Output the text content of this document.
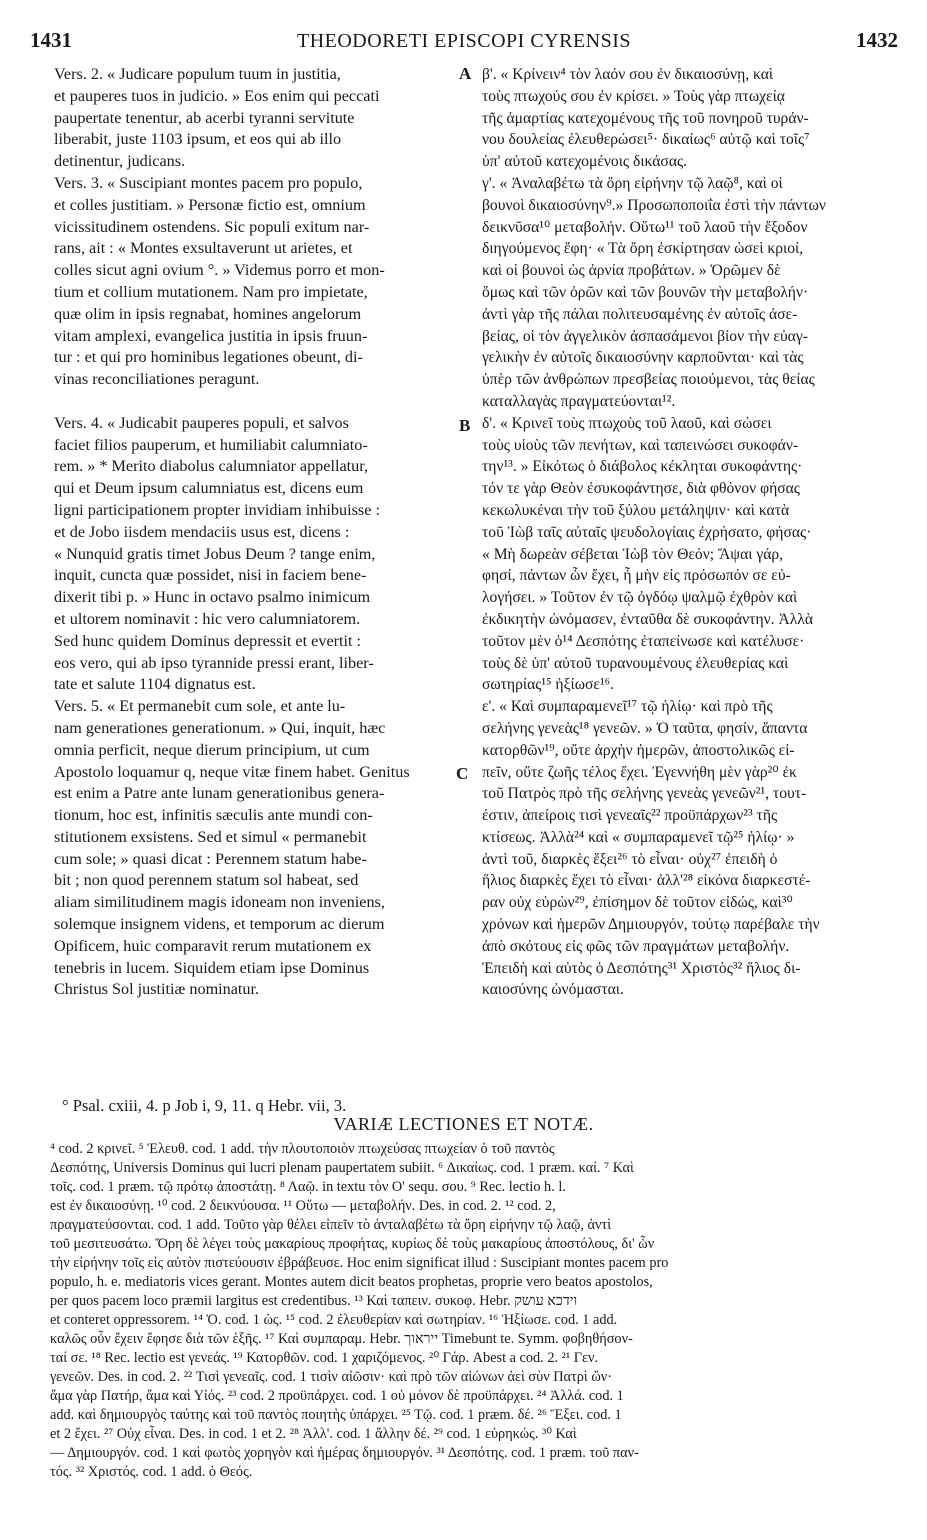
1431	THEODORETI EPISCOPI CYRENSIS	1432
Vers. 2. « Judicare populum tuum in justitia,
et pauperes tuos in judicio. » Eos enim qui peccati
paupertate tenentur, ab acerbi tyranni servitute
liberabit, juste 1103 ipsum, et eos qui ab illo
detinentur, judicans.
Vers. 3. « Suscipiant montes pacem pro populo,
et colles justitiam. » Personæ fictio est, omnium
vicissitudinem ostendens. Sic populi exitum nar-
rans, ait : « Montes exsultaverunt ut arietes, et
colles sicut agni ovium °. » Videmus porro et mon-
tium et collium mutationem. Nam pro impietate,
quæ olim in ipsis regnabat, homines angelorum
vitam amplexi, evangelica justitia in ipsis fruun-
tur : et qui pro hominibus legationes obeunt, di-
vinas reconciliationes peragunt.
Vers. 4. « Judicabit pauperes populi, et salvos
faciet filios pauperum, et humiliabit calumniato-
rem. » * Merito diabolus calumniator appellatur,
qui et Deum ipsum calumniatus est, dicens eum
ligni participationem propter invidiam inhibuisse :
et de Jobo iisdem mendaciis usus est, dicens :
« Nunquid gratis timet Jobus Deum ? tange enim,
inquit, cuncta quæ possidet, nisi in faciem bene-
dixerit tibi p. » Hunc in octavo psalmo inimicum
et ultorem nominavit : hic vero calumniatorem.
Sed hunc quidem Dominus depressit et evertit :
eos vero, qui ab ipso tyrannide pressi erant, liber-
tate et salute 1104 dignatus est.
Vers. 5. « Et permanebit cum sole, et ante lu-
nam generationes generationum. » Qui, inquit, hæc
omnia perficit, neque dierum principium, ut cum
Apostolo loquamur q, neque vitæ finem habet. Genitus
est enim a Patre ante lunam generationibus genera-
tionum, hoc est, infinitis sæculis ante mundi con-
stitutionem exsistens. Sed et simul « permanebit
cum sole; » quasi dicat : Perennem statum habe-
bit ; non quod perennem statum sol habeat, sed
aliam similitudinem magis idoneam non inveniens,
solemque insignem videns, et temporum ac dierum
Opificem, huic comparavit rerum mutationem ex
tenebris in lucem. Siquidem etiam ipse Dominus
Christus Sol justitiæ nominatur.
β'. « Κρίνειν⁴ τὸν λαόν σου ἐν δικαιοσύνῃ, καὶ
τοὺς πτωχούς σου ἐν κρίσει. » Τοὺς γὰρ πτωχείᾳ
τῆς ἁμαρτίας κατεχομένους τῆς τοῦ πονηροῦ τυράν-
νου δουλείας ἐλευθερώσει⁵· δικαίως⁶ αὐτῷ καὶ τοῖς⁷
ὑπ' αὐτοῦ κατεχομένοις δικάσας.
γ'. « Ἀναλαβέτω τὰ ὄρη εἰρήνην τῷ λαῷ⁸, καὶ οἱ
βουνοὶ δικαιοσύνην⁹.» Προσωποποιΐα ἐστὶ τὴν πάντων
δεικνῦσα¹⁰ μεταβολήν. Οὕτω¹¹ τοῦ λαοῦ τὴν ἔξοδον
διηγούμενος ἔφη· « Τὰ ὄρη ἐσκίρτησαν ὡσεὶ κριοί,
καὶ οἱ βουνοὶ ὡς ἀρνία προβάτων. » Ὁρῶμεν δὲ
ὅμως καὶ τῶν ὀρῶν καὶ τῶν βουνῶν τὴν μεταβολήν·
ἀντὶ γὰρ τῆς πάλαι πολιτευσαμένης ἐν αὐτοῖς ἀσε-
βείας, οἱ τὸν ἀγγελικὸν ἀσπασάμενοι βίον τὴν εὐαγ-
γελικὴν ἐν αὐτοῖς δικαιοσύνην καρποῦνται· καὶ τὰς
ὑπὲρ τῶν ἀνθρώπων πρεσβείας ποιούμενοι, τὰς θείας
καταλλαγὰς πραγματεύονται¹².
δ'. « Κρινεῖ τοὺς πτωχοὺς τοῦ λαοῦ, καὶ σώσει
τοὺς υἱοὺς τῶν πενήτων, καὶ ταπεινώσει συκοφάν-
την¹³. » Εἰκότως ὁ διάβολος κέκληται συκοφάντης·
τόν τε γὰρ Θεὸν ἐσυκοφάντησε, διὰ φθόνον φήσας
κεκωλυκέναι τὴν τοῦ ξύλου μετάληψιν· καὶ κατὰ
τοῦ Ἰὼβ ταῖς αὐταῖς ψευδολογίαις ἐχρήσατο, φήσας·
« Μὴ δωρεὰν σέβεται Ἰὼβ τὸν Θεόν; Ἅψαι γάρ,
φησί, πάντων ὧν ἔχει, ἦ μὴν εἰς πρόσωπόν σε εὐ-
λογήσει. » Τοῦτον ἐν τῷ ὀγδόῳ ψαλμῷ ἐχθρὸν καὶ
ἐκδικητὴν ὠνόμασεν, ἐνταῦθα δὲ συκοφάντην. Ἀλλὰ
τοῦτον μὲν ὁ¹⁴ Δεσπότης ἐταπείνωσε καὶ κατέλυσε·
τοὺς δὲ ὑπ' αὐτοῦ τυρανουμένους ἐλευθερίας καὶ
σωτηρίας¹⁵ ἠξίωσε¹⁶.
ε'. « Καὶ συμπαραμενεῖ¹⁷ τῷ ἡλίῳ· καὶ πρὸ τῆς
σελήνης γενεὰς¹⁸ γενεῶν. » Ὁ ταῦτα, φησίν, ἅπαντα
κατορθῶν¹⁹, οὔτε ἀρχὴν ἡμερῶν, ἀποστολικῶς εἰ-
πεῖν, οὔτε ζωῆς τέλος ἔχει. Ἐγεννήθη μὲν γὰρ²⁰ ἐκ
τοῦ Πατρὸς πρὸ τῆς σελήνης γενεὰς γενεῶν²¹, τουτ-
έστιν, ἀπείροις τισὶ γενεαῖς²² προϋπάρχων²³ τῆς
κτίσεως. Ἀλλὰ²⁴ καὶ « συμπαραμενεῖ τῷ²⁵ ἡλίῳ· »
ἀντὶ τοῦ, διαρκὲς ἕξει²⁶ τὸ εἶναι· οὐχ²⁷ ἐπειδὴ ὁ
ἥλιος διαρκὲς ἔχει τὸ εἶναι· ἀλλ'²⁸ εἰκόνα διαρκεστέ-
ραν οὐχ εὑρὼν²⁹, ἐπίσημον δὲ τοῦτον εἰδώς, καὶ³⁰
χρόνων καὶ ἡμερῶν Δημιουργόν, τούτῳ παρέβαλε τὴν
ἀπὸ σκότους εἰς φῶς τῶν πραγμάτων μεταβολήν.
Ἐπειδὴ καὶ αὐτὸς ὁ Δεσπότης³¹ Χριστὸς³² ἥλιος δι-
καιοσύνης ὠνόμασται.
A
B
C
° Psal. cxiii, 4. p Job i, 9, 11. q Hebr. vii, 3.
VARIÆ LECTIONES ET NOTÆ.
⁴ cod. 2 κρινεῖ. ⁵ Ἐλευθ. cod. 1 add. τὴν πλουτοποιὸν πτωχεύσας πτωχείαν ὁ τοῦ παντὸς
Δεσπότης, Universis Dominus qui lucri plenam paupertatem subiit. ⁶ Δικαίως. cod. 1 præm. καί. ⁷ Καὶ
τοῖς. cod. 1 præm. τῷ πρότῳ ἀποστάτῃ. ⁸ Λαῷ. in textu τὸν Ο' sequ. σου. ⁹ Rec. lectio h. l.
est ἐν δικαιοσύνῃ. ¹⁰ cod. 2 δεικνύουσα. ¹¹ Οὕτω — μεταβολήν. Des. in cod. 2. ¹² cod. 2,
πραγματεύσονται. cod. 1 add. Τοῦτο γὰρ θέλει εἰπεῖν τὸ ἀνταλαβέτω τὰ ὄρη εἰρήνην τῷ λαῷ, ἀντὶ
τοῦ μεσιτευσάτω. Ὄρη δὲ λέγει τοὺς μακαρίους προφήτας, κυρίως δὲ τοὺς μακαρίους ἀποστόλους, δι' ὧν
τὴν εἰρήνην τοῖς εἰς αὐτὸν πιστεύουσιν ἐβράβευσε. Hoc enim significat illud : Suscipiant montes pacem pro
populo, h. e. mediatoris vices gerant. Montes autem dicit beatos prophetas, proprie vero beatos apostolos,
per quos pacem loco præmii largitus est credentibus. ¹³ Καὶ ταπειν. συκοφ. Hebr. וידכא עושק
et conteret oppressorem. ¹⁴ Ὁ. cod. 1 ὡς. ¹⁵ cod. 2 ἐλευθερίαν καὶ σωτηρίαν. ¹⁶ Ἠξίωσε. cod. 1 add.
καλῶς οὖν ἔχειν ἔφησε διὰ τῶν ἑξῆς. ¹⁷ Καὶ συμπαραμ. Hebr. ייראוך Timebunt te. Symm. φοβηθήσον-
ταί σε. ¹⁸ Rec. lectio est γενεάς. ¹⁹ Κατορθῶν. cod. 1 χαριζόμενος. ²⁰ Γάρ. Abest a cod. 2. ²¹ Γεν.
γενεῶν. Des. in cod. 2. ²² Τισὶ γενεαῖς. cod. 1 τισὶν αἰῶσιν· καὶ πρὸ τῶν αἰώνων ἀεὶ σὺν Πατρὶ ὤν·
ἅμα γὰρ Πατήρ, ἅμα καὶ Υἱός. ²³ cod. 2 προϋπάρχει. cod. 1 οὐ μόνον δὲ προϋπάρχει. ²⁴ Ἀλλά. cod. 1
add. καὶ δημιουργὸς ταύτης καὶ τοῦ παντὸς ποιητὴς ὑπάρχει. ²⁵ Τῷ. cod. 1 præm. δέ. ²⁶ Ἕξει. cod. 1
et 2 ἔχει. ²⁷ Οὐχ εἶναι. Des. in cod. 1 et 2. ²⁸ Ἀλλ'. cod. 1 ἄλλην δέ. ²⁹ cod. 1 εὑρηκώς. ³⁰ Καὶ
— Δημιουργόν. cod. 1 καὶ φωτὸς χορηγὸν καὶ ἡμέρας δημιουργόν. ³¹ Δεσπότης. cod. 1 præm. τοῦ παν-
τός. ³² Χριστός. cod. 1 add. ὁ Θεός.
